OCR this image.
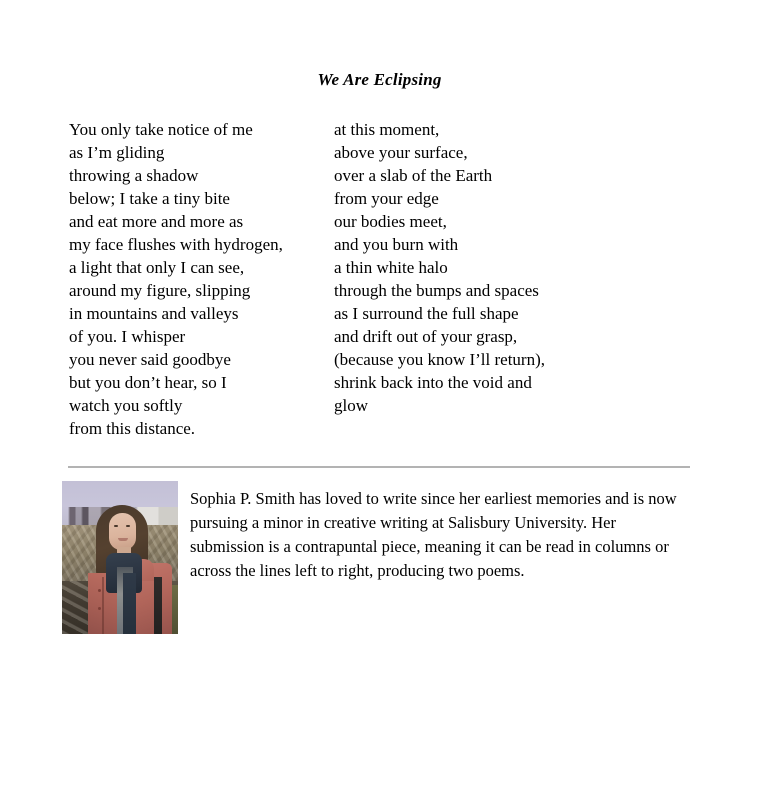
We Are Eclipsing
You only take notice of me
as I’m gliding
throwing a shadow
below; I take a tiny bite
and eat more and more as
my face flushes with hydrogen,
a light that only I can see,
around my figure, slipping
in mountains and valleys
of you. I whisper
you never said goodbye
but you don’t hear, so I
watch you softly
from this distance.
at this moment,
above your surface,
over a slab of the Earth
from your edge
our bodies meet,
and you burn with
a thin white halo
through the bumps and spaces
as I surround the full shape
and drift out of your grasp,
(because you know I’ll return),
shrink back into the void and
glow
Sophia P. Smith has loved to write since her earliest memories and is now pursuing a minor in creative writing at Salisbury University. Her submission is a contrapuntal piece, meaning it can be read in columns or across the lines left to right, producing two poems.
